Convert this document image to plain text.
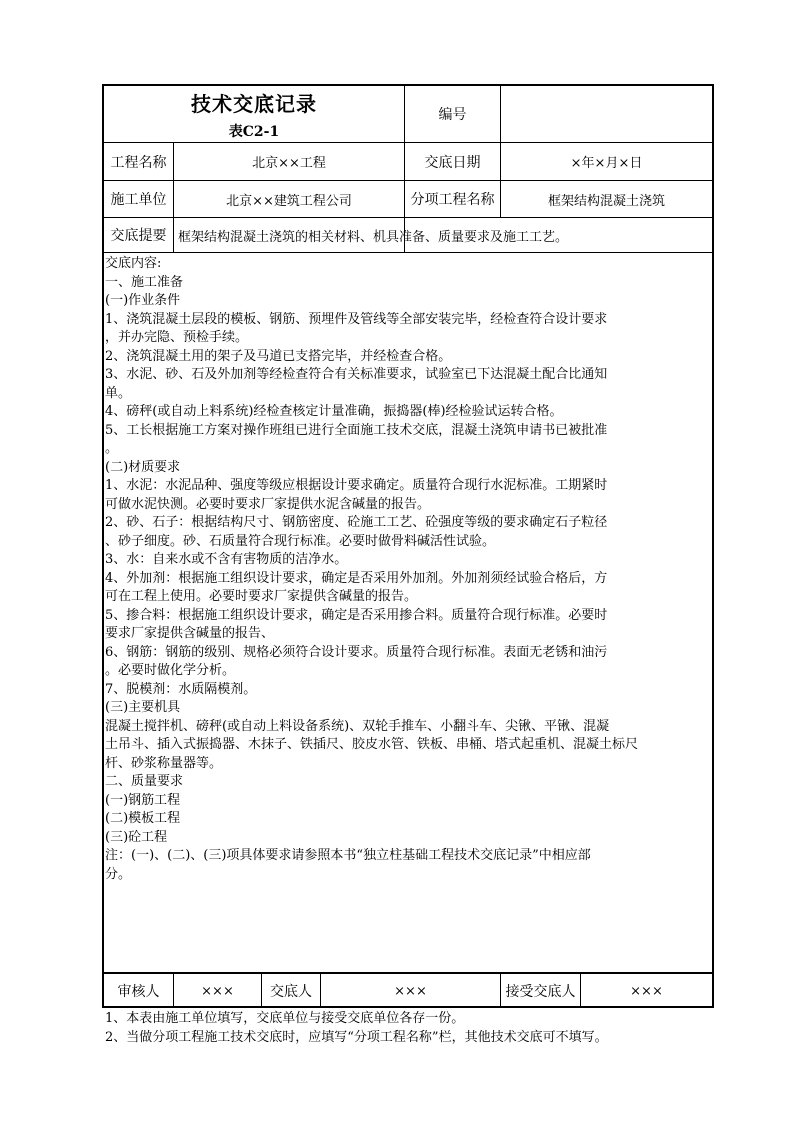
技术交底记录
表C2-1
编号
工程名称	北京××工程	交底日期	×年×月×日
施工单位	北京××建筑工程公司	分项工程名称	框架结构混凝土浇筑
交底提要 框架结构混凝土浇筑的相关材料、机具准备、质量要求及施工工艺。
交底内容:
一、施工准备
(一)作业条件
1、浇筑混凝土层段的模板、钢筋、预埋件及管线等全部安装完毕，经检查符合设计要求
，并办完隐、预检手续。
2、浇筑混凝土用的架子及马道已支搭完毕，并经检查合格。
3、水泥、砂、石及外加剂等经检查符合有关标准要求，试验室已下达混凝土配合比通知
单。
4、磅秤(或自动上料系统)经检查核定计量准确，振捣器(棒)经检验试运转合格。
5、工长根据施工方案对操作班组已进行全面施工技术交底，混凝土浇筑申请书已被批准
。
(二)材质要求
1、水泥：水泥品种、强度等级应根据设计要求确定。质量符合现行水泥标准。工期紧时
可做水泥快测。必要时要求厂家提供水泥含碱量的报告。
2、砂、石子：根据结构尺寸、钢筋密度、砼施工工艺、砼强度等级的要求确定石子粒径
、砂子细度。砂、石质量符合现行标准。必要时做骨料碱活性试验。
3、水：自来水或不含有害物质的洁净水。
4、外加剂：根据施工组织设计要求，确定是否采用外加剂。外加剂须经试验合格后，方
可在工程上使用。必要时要求厂家提供含碱量的报告。
5、掺合料：根据施工组织设计要求，确定是否采用掺合料。质量符合现行标准。必要时
要求厂家提供含碱量的报告、
6、钢筋：钢筋的级别、规格必须符合设计要求。质量符合现行标准。表面无老锈和油污
。必要时做化学分析。
7、脱模剂：水质隔模剂。
(三)主要机具
混凝土搅拌机、磅秤(或自动上料设备系统)、双轮手推车、小翻斗车、尖锹、平锹、混凝
土吊斗、插入式振捣器、木抹子、铁插尺、胶皮水管、铁板、串桶、塔式起重机、混凝土标尺
杆、砂浆称量器等。
二、质量要求
(一)钢筋工程
(二)模板工程
(三)砼工程
注：(一)、(二)、(三)项具体要求请参照本书“独立柱基础工程技术交底记录”中相应部
分。
审核人	×××	交底人	×××	接受交底人	×××
1、本表由施工单位填写，交底单位与接受交底单位各存一份。
2、当做分项工程施工技术交底时，应填写“分项工程名称”栏，其他技术交底可不填写。
